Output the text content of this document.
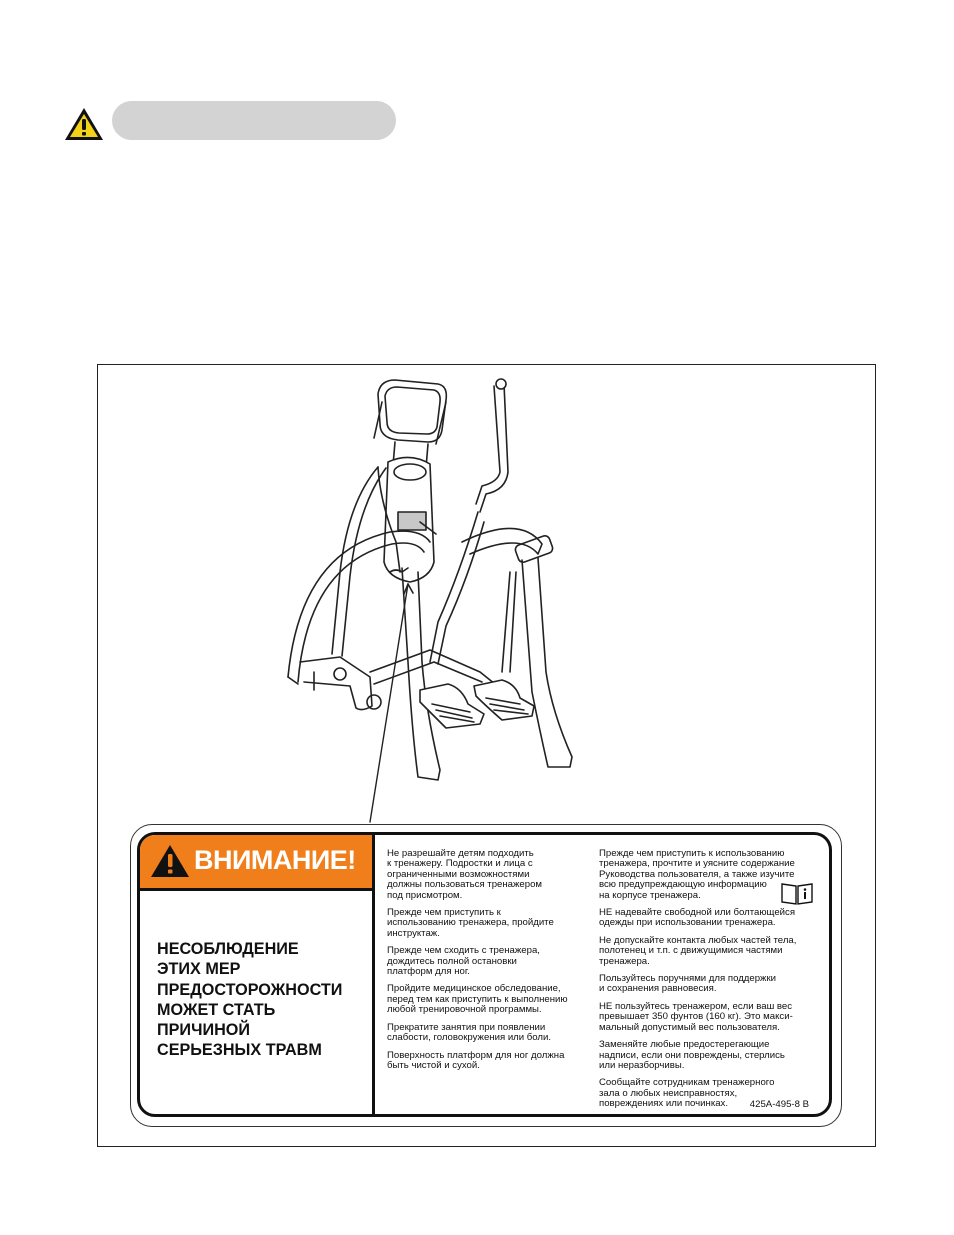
ВНИМАНИЕ!
НЕСОБЛЮДЕНИЕ
ЭТИХ МЕР
ПРЕДОСТОРОЖНОСТИ
МОЖЕТ СТАТЬ
ПРИЧИНОЙ
СЕРЬЕЗНЫХ ТРАВМ

Не разрешайте детям подходить
к тренажеру. Подростки и лица с
ограниченными возможностями
должны пользоваться тренажером
под присмотром.

Прежде чем приступить к
использованию тренажера, пройдите
инструктаж.

Прежде чем сходить с тренажера,
дождитесь полной остановки
платформ для ног.

Пройдите медицинское обследование,
перед тем как приступить к выполнению
любой тренировочной программы.

Прекратите занятия при появлении
слабости, головокружения или боли.

Поверхность платформ для ног должна
быть чистой и сухой.

Прежде чем приступить к использованию
тренажера, прочтите и уясните содержание
Руководства пользователя, а также изучите
всю предупреждающую информацию
на корпусе тренажера.

НЕ надевайте свободной или болтающейся
одежды при использовании тренажера.

Не допускайте контакта любых частей тела,
полотенец и т.п. с движущимися частями
тренажера.

Пользуйтесь поручнями для поддержки
и сохранения равновесия.

НЕ пользуйтесь тренажером, если ваш вес
превышает 350 фунтов (160 кг). Это макси-
мальный допустимый вес пользователя.

Заменяйте любые предостерегающие
надписи, если они повреждены, стерлись
или неразборчивы.

Сообщайте сотрудникам тренажерного
зала о любых неисправностях,
повреждениях или починках.	425A-495-8 B
